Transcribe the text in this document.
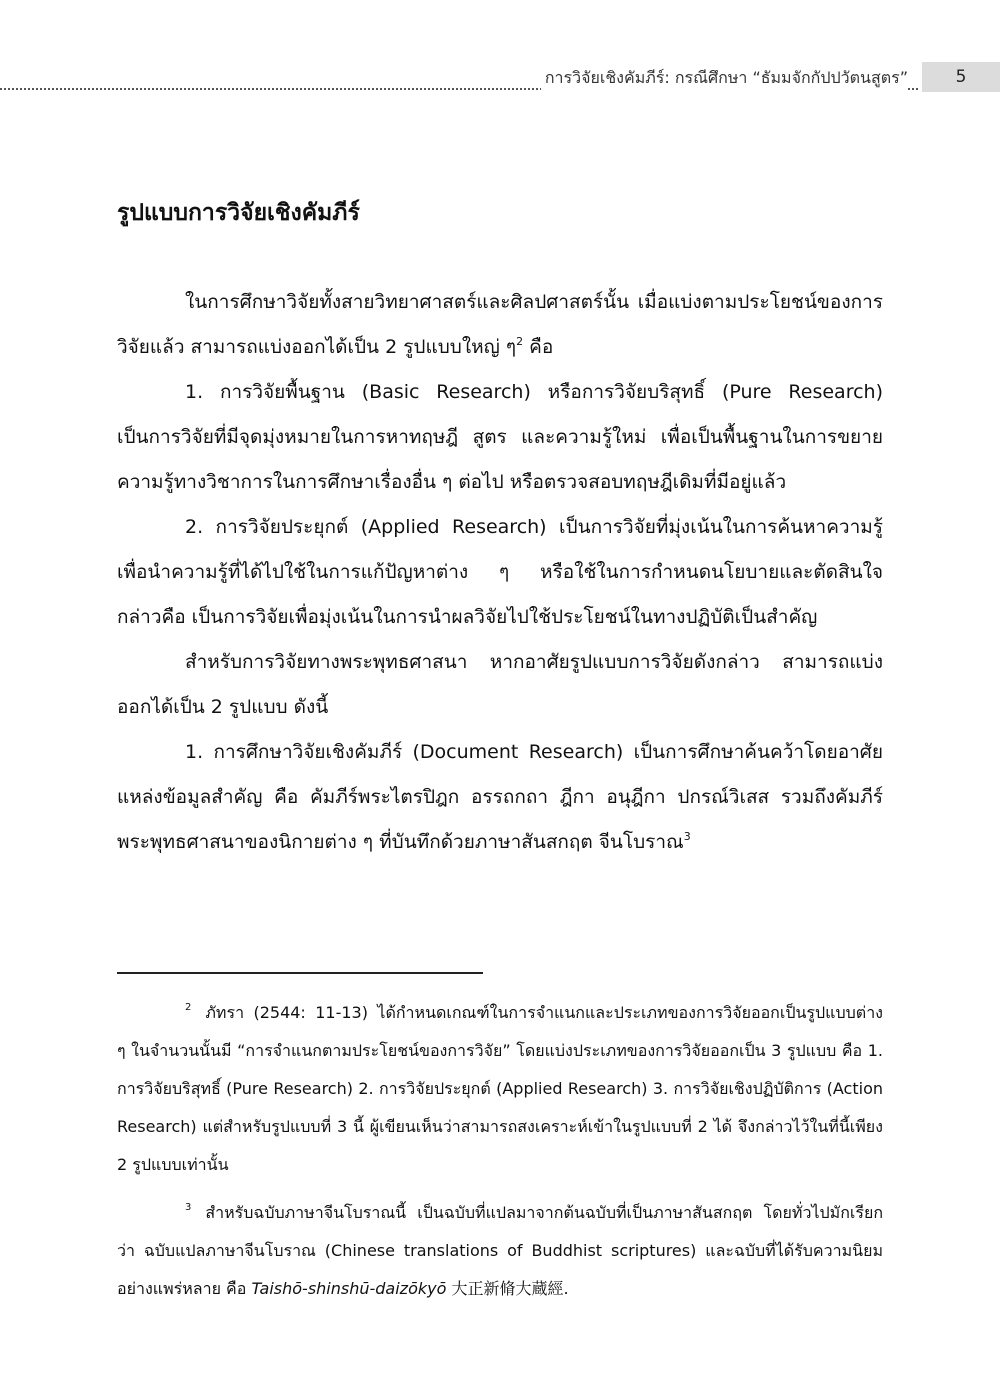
การวิจัยเชิงคัมภีร์: กรณีศึกษา “ธัมมจักกัปปวัตนสูตร”	5
รูปแบบการวิจัยเชิงคัมภีร์

ในการศึกษาวิจัยทั้งสายวิทยาศาสตร์และศิลปศาสตร์นั้น เมื่อแบ่งตามประโยชน์ของการวิจัยแล้ว สามารถแบ่งออกได้เป็น 2 รูปแบบใหญ่ ๆ$^2$ คือ

1. การวิจัยพื้นฐาน (Basic Research) หรือการวิจัยบริสุทธิ์ (Pure Research) เป็นการวิจัยที่มีจุดมุ่งหมายในการหาทฤษฎี สูตร และความรู้ใหม่ เพื่อเป็นพื้นฐานในการขยายความรู้ทางวิชาการในการศึกษาเรื่องอื่น ๆ ต่อไป หรือตรวจสอบทฤษฎีเดิมที่มีอยู่แล้ว

2. การวิจัยประยุกต์ (Applied Research) เป็นการวิจัยที่มุ่งเน้นในการค้นหาความรู้ เพื่อนำความรู้ที่ได้ไปใช้ในการแก้ปัญหาต่าง ๆ หรือใช้ในการกำหนดนโยบายและตัดสินใจ กล่าวคือ เป็นการวิจัยเพื่อมุ่งเน้นในการนำผลวิจัยไปใช้ประโยชน์ในทางปฏิบัติเป็นสำคัญ

สำหรับการวิจัยทางพระพุทธศาสนา หากอาศัยรูปแบบการวิจัยดังกล่าว สามารถแบ่งออกได้เป็น 2 รูปแบบ ดังนี้

1. การศึกษาวิจัยเชิงคัมภีร์ (Document Research) เป็นการศึกษาค้นคว้าโดยอาศัยแหล่งข้อมูลสำคัญ คือ คัมภีร์พระไตรปิฎก อรรถกถา ฎีกา อนุฎีกา ปกรณ์วิเสส รวมถึงคัมภีร์พระพุทธศาสนาของนิกายต่าง ๆ ที่บันทึกด้วยภาษาสันสกฤต จีนโบราณ$^3$

$^2$ ภัทรา (2544: 11-13) ได้กำหนดเกณฑ์ในการจำแนกและประเภทของการวิจัยออกเป็นรูปแบบต่าง ๆ ในจำนวนนั้นมี “การจำแนกตามประโยชน์ของการวิจัย” โดยแบ่งประเภทของการวิจัยออกเป็น 3 รูปแบบ คือ 1. การวิจัยบริสุทธิ์ (Pure Research) 2. การวิจัยประยุกต์ (Applied Research) 3. การวิจัยเชิงปฏิบัติการ (Action Research) แต่สำหรับรูปแบบที่ 3 นี้ ผู้เขียนเห็นว่าสามารถสงเคราะห์เข้าในรูปแบบที่ 2 ได้ จึงกล่าวไว้ในที่นี้เพียง 2 รูปแบบเท่านั้น

$^3$ สำหรับฉบับภาษาจีนโบราณนี้ เป็นฉบับที่แปลมาจากต้นฉบับที่เป็นภาษาสันสกฤต โดยทั่วไปมักเรียกว่า ฉบับแปลภาษาจีนโบราณ (Chinese translations of Buddhist scriptures) และฉบับที่ได้รับความนิยมอย่างแพร่หลาย คือ Taishō-shinshū-daizōkyō 大正新脩大蔵經.
